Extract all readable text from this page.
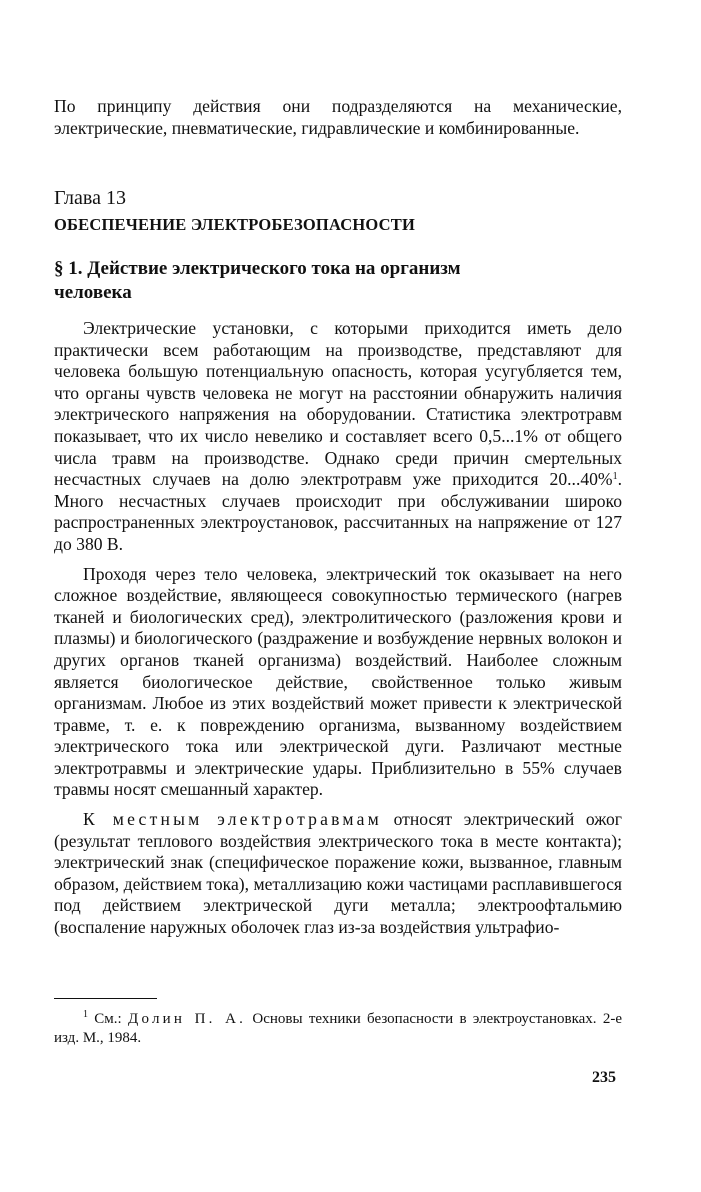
По принципу действия они подразделяются на механические, электрические, пневматические, гидравлические и комбинированные.

Глава 13
ОБЕСПЕЧЕНИЕ ЭЛЕКТРОБЕЗОПАСНОСТИ
§ 1. Действие электрического тока на организм человека

Электрические установки, с которыми приходится иметь дело практически всем работающим на производстве, представляют для человека большую потенциальную опасность, которая усугубляется тем, что органы чувств человека не могут на расстоянии обнаружить наличия электрического напряжения на оборудовании. Статистика электротравм показывает, что их число невелико и составляет всего 0,5...1% от общего числа травм на производстве. Однако среди причин смертельных несчастных случаев на долю электротравм уже приходится 20...40%$^1$. Много несчастных случаев происходит при обслуживании широко распространенных электроустановок, рассчитанных на напряжение от 127 до 380 В.

Проходя через тело человека, электрический ток оказывает на него сложное воздействие, являющееся совокупностью термического (нагрев тканей и биологических сред), электролитического (разложения крови и плазмы) и биологического (раздражение и возбуждение нервных волокон и других органов тканей организма) воздействий. Наиболее сложным является биологическое действие, свойственное только живым организмам. Любое из этих воздействий может привести к электрической травме, т. е. к повреждению организма, вызванному воздействием электрического тока или электрической дуги. Различают местные электротравмы и электрические удары. Приблизительно в 55% случаев травмы носят смешанный характер.

К местным электротравмам относят электрический ожог (результат теплового воздействия электрического тока в месте контакта); электрический знак (специфическое поражение кожи, вызванное, главным образом, действием тока), металлизацию кожи частицами расплавившегося под действием электрической дуги металла; электроофтальмию (воспаление наружных оболочек глаз из-за воздействия ультрафио-

$^1$ См.: Долин П. А. Основы техники безопасности в электроустановках. 2-е изд. М., 1984.

235
